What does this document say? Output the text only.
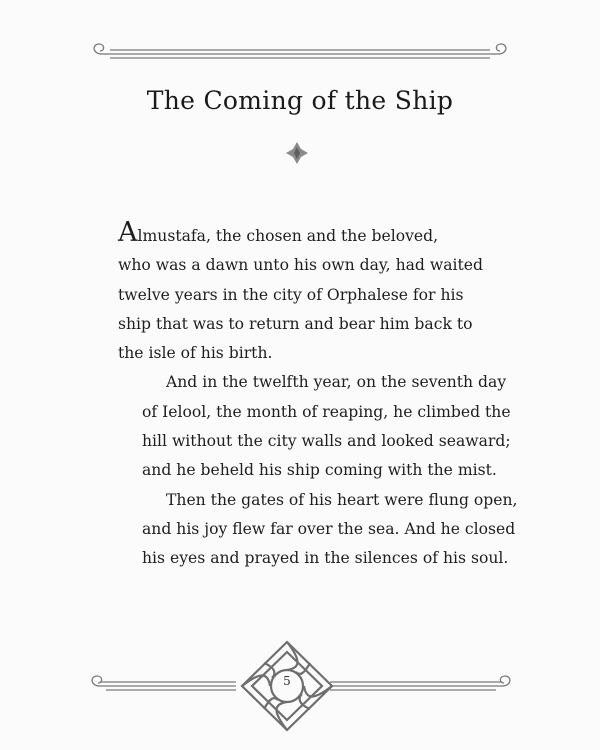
The Coming of the Ship

Almustafa, the chosen and the beloved,
who was a dawn unto his own day, had waited
twelve years in the city of Orphalese for his
ship that was to return and bear him back to
the isle of his birth.

And in the twelfth year, on the seventh day
of Ielool, the month of reaping, he climbed the
hill without the city walls and looked seaward;
and he beheld his ship coming with the mist.

Then the gates of his heart were flung open,
and his joy flew far over the sea. And he closed
his eyes and prayed in the silences of his soul.

5
